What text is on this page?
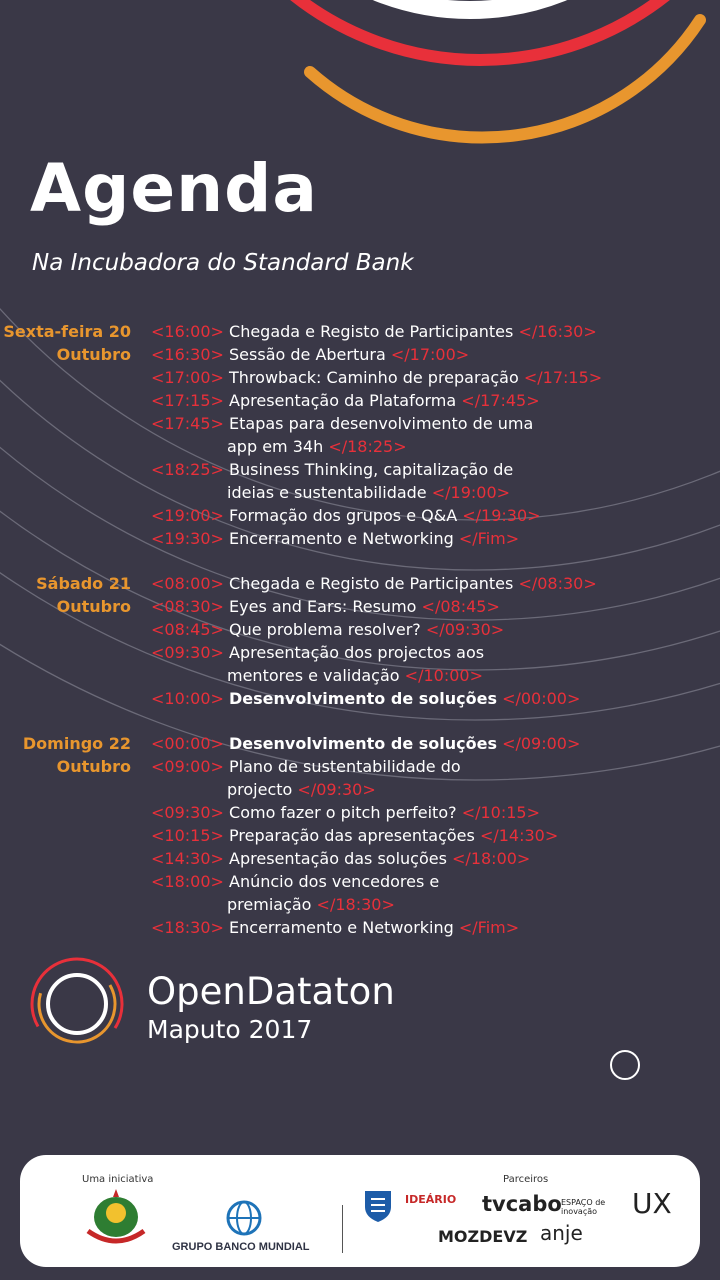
Agenda
Na Incubadora do Standard Bank
Sexta-feira 20
Outubro
<16:00> Chegada e Registo de Participantes </16:30>
<16:30> Sessão de Abertura </17:00>
<17:00> Throwback: Caminho de preparação </17:15>
<17:15> Apresentação da Plataforma </17:45>
<17:45> Etapas para desenvolvimento de uma
app em 34h </18:25>
<18:25> Business Thinking, capitalização de
ideias e sustentabilidade </19:00>
<19:00> Formação dos grupos e Q&A </19:30>
<19:30> Encerramento e Networking </Fim>
Sábado 21
Outubro
<08:00> Chegada e Registo de Participantes </08:30>
<08:30> Eyes and Ears: Resumo </08:45>
<08:45> Que problema resolver? </09:30>
<09:30> Apresentação dos projectos aos
mentores e validação </10:00>
<10:00> Desenvolvimento de soluções </00:00>
Domingo 22
Outubro
<00:00> Desenvolvimento de soluções </09:00>
<09:00> Plano de sustentabilidade do
projecto </09:30>
<09:30> Como fazer o pitch perfeito? </10:15>
<10:15> Preparação das apresentações </14:30>
<14:30> Apresentação das soluções </18:00>
<18:00> Anúncio dos vencedores e
premiação </18:30>
<18:30> Encerramento e Networking </Fim>
OpenDataton
Maputo 2017
Uma iniciativa
GRUPO BANCO MUNDIAL
Parceiros
IDEÁRIO tvcabo ESPAÇO de inovação	UX
MOZDEVZ anje
